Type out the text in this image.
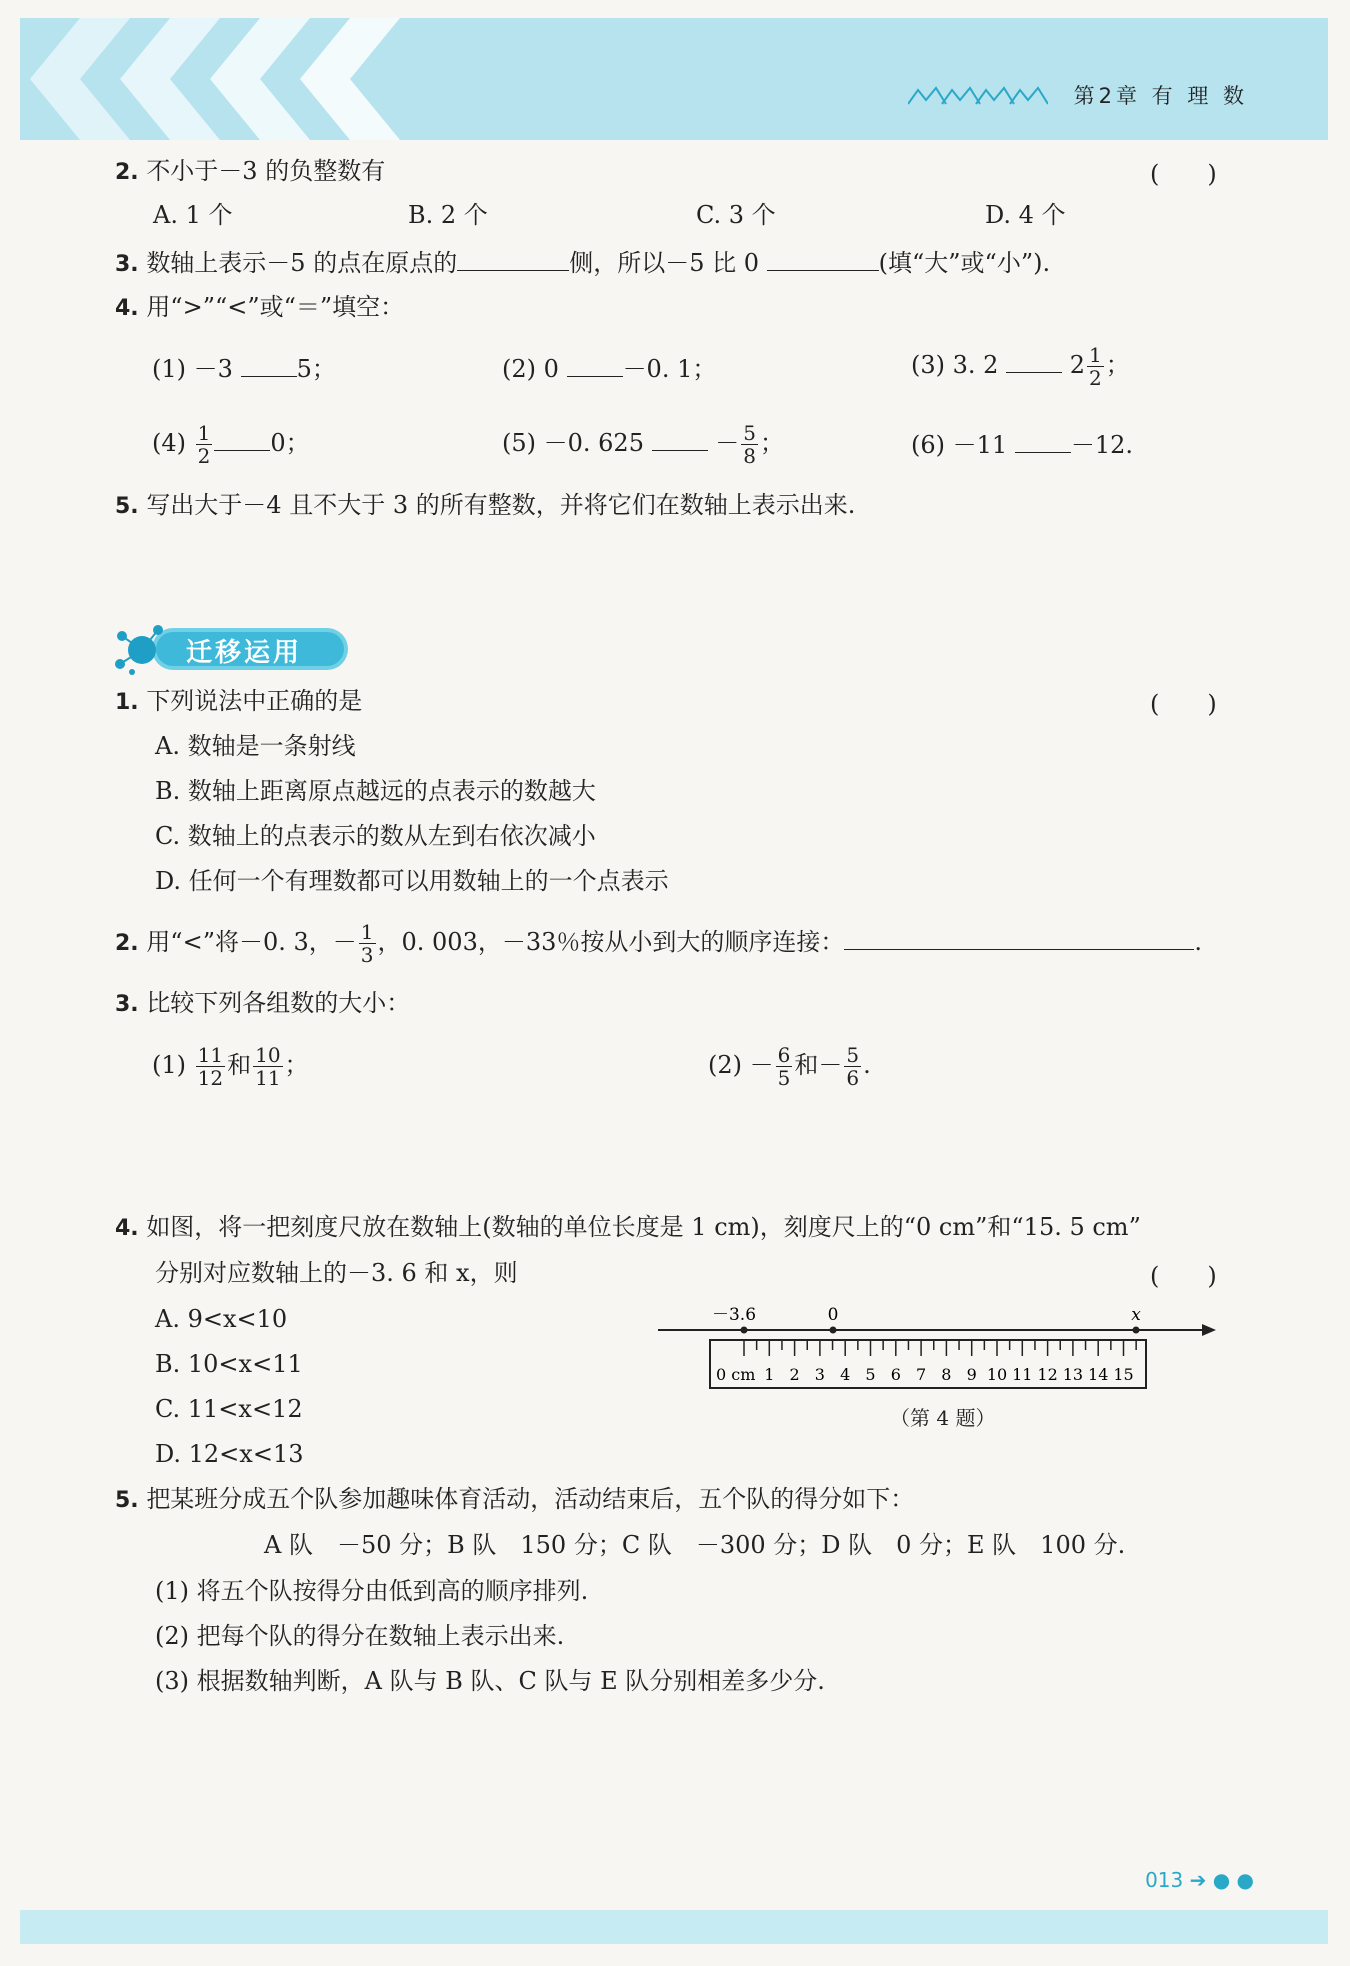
第2章 有 理 数
2. 不小于－3 的负整数有	(　　)
A. 1 个	B. 2 个	C. 3 个	D. 4 个
3. 数轴上表示－5 的点在原点的	侧，所以－5 比 0	(填“大”或“小”).
4. 用“>”“<”或“＝”填空：
(1) －3	5；	(2) 0	－0. 1；	(3) 3. 2	$2 \frac{1}{2}$ ；
$(4) \frac{1}{2} 0$；	(5) －0. 625	－ $\frac{5}{8}$ ；	(6) －11	－12.
5. 写出大于－4 且不大于 3 的所有整数，并将它们在数轴上表示出来.
迁移运用
1. 下列说法中正确的是	(　　)
A. 数轴是一条射线
B. 数轴上距离原点越远的点表示的数越大
C. 数轴上的点表示的数从左到右依次减小
D. 任何一个有理数都可以用数轴上的一个点表示
2. 用“<”将－0. 3，－ $\frac{1}{3}$ ，0. 003，－33％按从小到大的顺序连接：	.
3. 比较下列各组数的大小：
$(1) \frac{11}{12}$ 和 $\frac{10}{11}$ ；	$(2) - \frac{6}{5}$ 和－ $\frac{5}{6}$ .
4. 如图，将一把刻度尺放在数轴上(数轴的单位长度是 1 cm)，刻度尺上的“0 cm”和“15. 5 cm”
分别对应数轴上的－3. 6 和 x，则	(　　)
A. 9<x<10
B. 10<x<11
C. 11<x<12
D. 12<x<13
－3.6	0	x
0 cm 1 2 3 4 5 6 7 8 9 10 11 12 13 14 15
（第 4 题）
5. 把某班分成五个队参加趣味体育活动，活动结束后，五个队的得分如下：
A 队　－50 分；B 队　150 分；C 队　－300 分；D 队　0 分；E 队　100 分.
(1) 将五个队按得分由低到高的顺序排列.
(2) 把每个队的得分在数轴上表示出来.
(3) 根据数轴判断，A 队与 B 队、C 队与 E 队分别相差多少分.
013 ➔ ● ●
